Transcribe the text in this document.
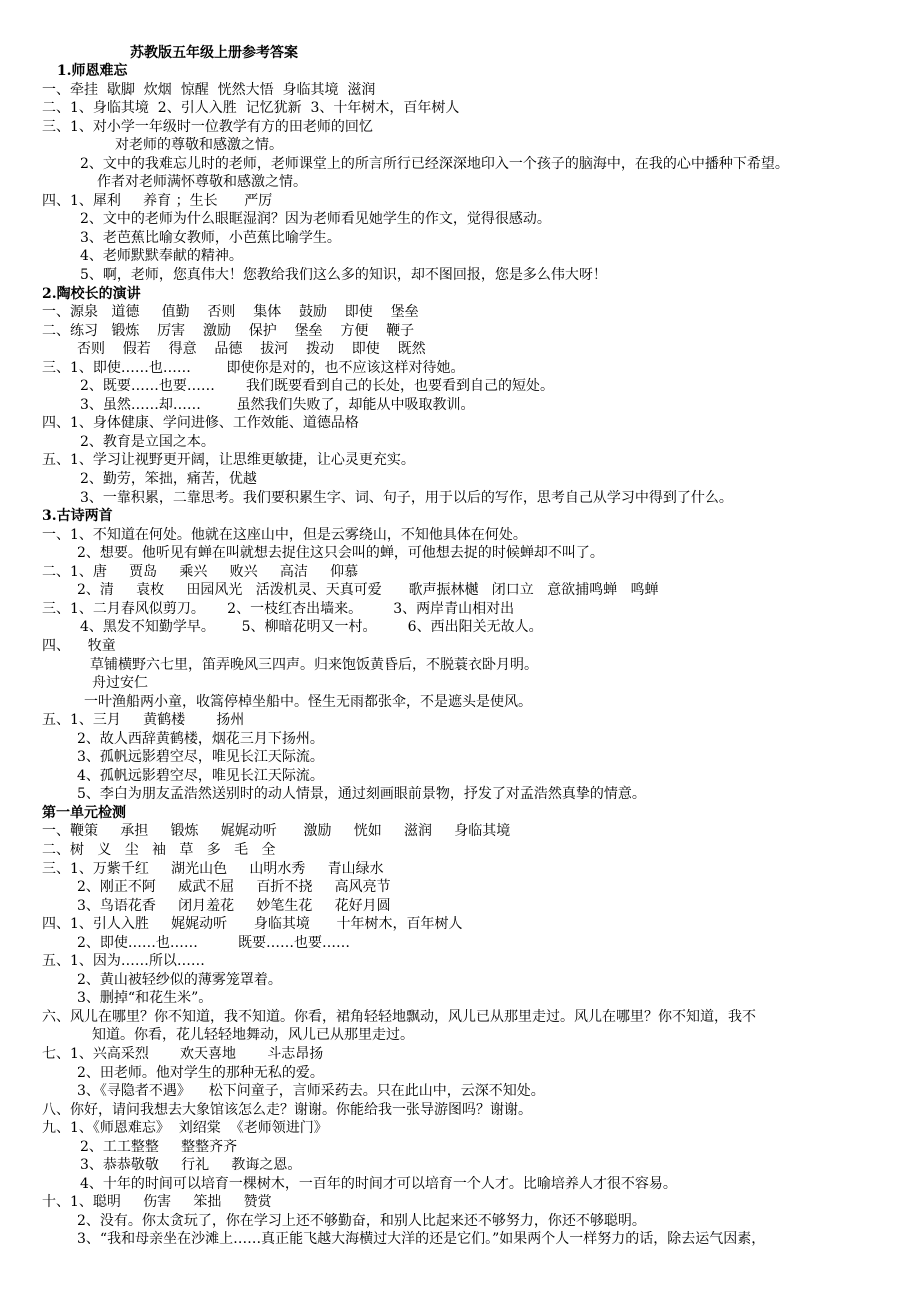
苏教版五年级上册参考答案
1.师恩难忘
一、牵挂  歇脚  炊烟  惊醒  恍然大悟  身临其境  滋润
二、1、身临其境  2、引人入胜  记忆犹新  3、十年树木，百年树人
三、1、对小学一年级时一位教学有方的田老师的回忆
对老师的尊敬和感激之情。
2、文中的我难忘儿时的老师，老师课堂上的所言所行已经深深地印入一个孩子的脑海中，在我的心中播种下希望。
作者对老师满怀尊敬和感激之情。
四、1、犀利     养育 ；生长      严厉
2、文中的老师为什么眼眶湿润？因为老师看见她学生的作文，觉得很感动。
3、老芭蕉比喻女教师，小芭蕉比喻学生。
4、老师默默奉献的精神。
5、啊，老师，您真伟大！您教给我们这么多的知识，却不图回报，您是多么伟大呀！
2.陶校长的演讲
一、源泉   道德     值勤    否则    集体    鼓励    即使    堡垒
二、练习   锻炼    厉害    激励    保护    堡垒    方便    鞭子
否则    假若    得意    品德    拔河    拨动    即使    既然
三、1、即使……也……        即使你是对的，也不应该这样对待她。
2、既要……也要……       我们既要看到自己的长处，也要看到自己的短处。
3、虽然……却……        虽然我们失败了，却能从中吸取教训。
四、1、身体健康、学问进修、工作效能、道德品格
2、教育是立国之本。
五、1、学习让视野更开阔，让思维更敏捷，让心灵更充实。
2、勤劳，笨拙，痛苦，优越
3、一靠积累，二靠思考。我们要积累生字、词、句子，用于以后的写作，思考自己从学习中得到了什么。
3.古诗两首
一、1、不知道在何处。他就在这座山中，但是云雾绕山，不知他具体在何处。
2、想要。他听见有蝉在叫就想去捉住这只会叫的蝉，可他想去捉的时候蝉却不叫了。
二、1、唐     贾岛     乘兴     败兴     高洁     仰慕
2、清     袁枚     田园风光   活泼机灵、天真可爱      歌声振林樾   闭口立   意欲捕鸣蝉   鸣蝉
三、1、二月春风似剪刀。     2、一枝红杏出墙来。       3、两岸青山相对出
4、黑发不知勤学早。      5、柳暗花明又一村。       6、西出阳关无故人。
四、    牧童
草铺横野六七里，笛弄晚风三四声。归来饱饭黄昏后，不脱蓑衣卧月明。
舟过安仁
一叶渔船两小童，收篙停棹坐船中。怪生无雨都张伞，不是遮头是使风。
五、1、三月     黄鹤楼       扬州
2、故人西辞黄鹤楼，烟花三月下扬州。
3、孤帆远影碧空尽，唯见长江天际流。
4、孤帆远影碧空尽，唯见长江天际流。
5、李白为朋友孟浩然送别时的动人情景，通过刻画眼前景物，抒发了对孟浩然真挚的情意。
第一单元检测
一、鞭策     承担     锻炼     娓娓动听      激励     恍如     滋润     身临其境
二、树   义   尘   袖   草   多   毛   全
三、1、万紫千红     湖光山色     山明水秀     青山绿水
2、刚正不阿     威武不屈     百折不挠     高风亮节
3、鸟语花香     闭月羞花     妙笔生花     花好月圆
四、1、引人入胜     娓娓动听      身临其境      十年树木，百年树人
2、即使……也……         既要……也要……
五、1、因为……所以……
2、黄山被轻纱似的薄雾笼罩着。
3、删掉“和花生米”。
六、风儿在哪里？你不知道，我不知道。你看，裙角轻轻地飘动，风儿已从那里走过。风儿在哪里？你不知道，我不
知道。你看，花儿轻轻地舞动，风儿已从那里走过。
七、1、兴高采烈       欢天喜地       斗志昂扬
2、田老师。他对学生的那种无私的爱。
3、《寻隐者不遇》    松下问童子，言师采药去。只在此山中，云深不知处。
八、你好，请问我想去大象馆该怎么走？谢谢。你能给我一张导游图吗？谢谢。
九、1、《师恩难忘》  刘绍棠  《老师领进门》
2、工工整整     整整齐齐
3、恭恭敬敬     行礼     教诲之恩。
4、十年的时间可以培育一棵树木，一百年的时间才可以培育一个人才。比喻培养人才很不容易。
十、1、聪明     伤害     笨拙     赞赏
2、没有。你太贪玩了，你在学习上还不够勤奋，和别人比起来还不够努力，你还不够聪明。
3、“我和母亲坐在沙滩上……真正能飞越大海横过大洋的还是它们。”如果两个人一样努力的话，除去运气因素，
